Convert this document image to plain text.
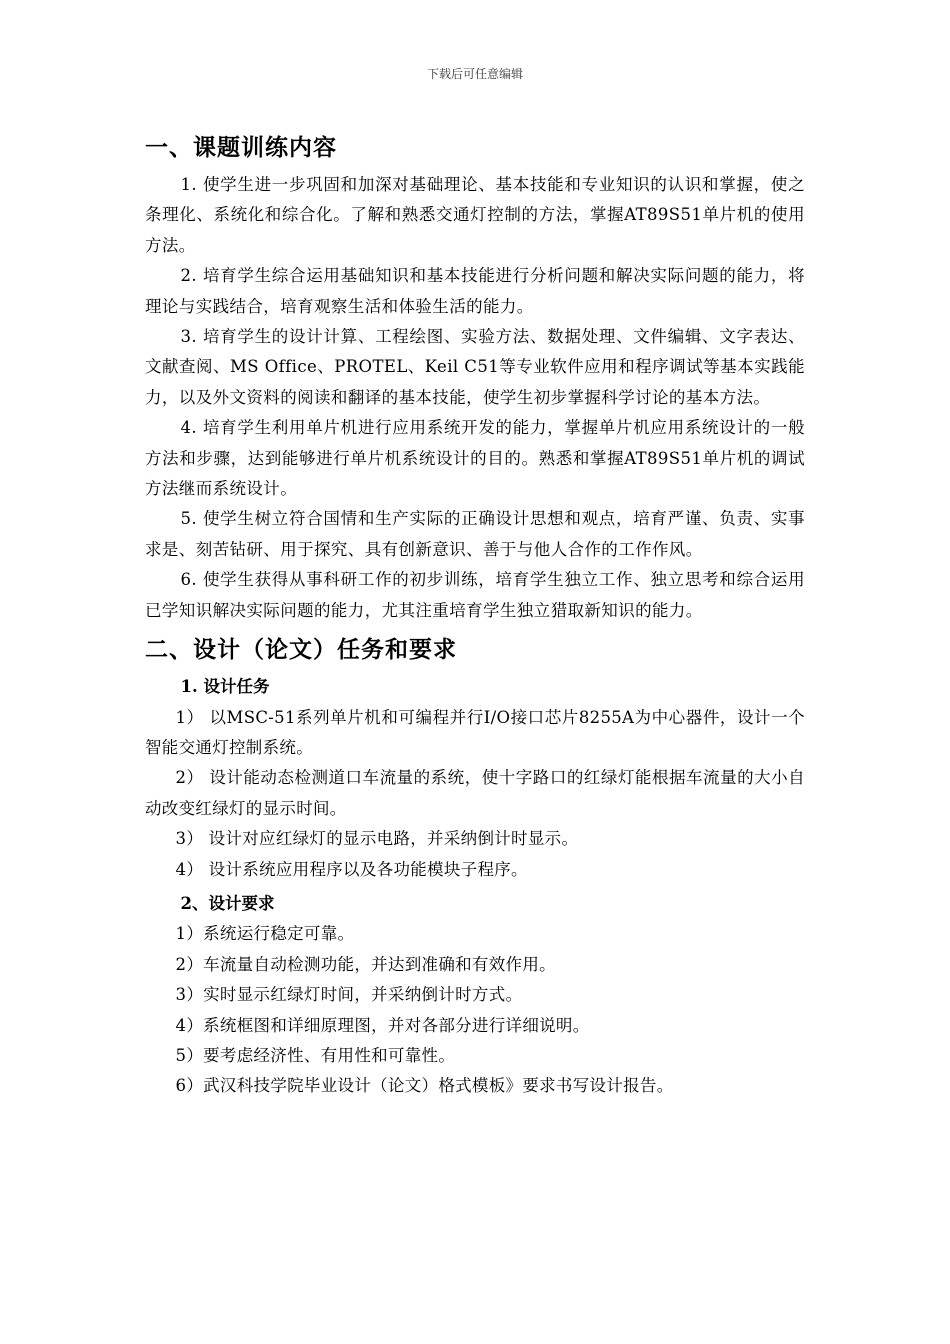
下载后可任意编辑
一、课题训练内容

1. 使学生进一步巩固和加深对基础理论、基本技能和专业知识的认识和掌握，使之条理化、系统化和综合化。了解和熟悉交通灯控制的方法，掌握AT89S51单片机的使用方法。

2. 培育学生综合运用基础知识和基本技能进行分析问题和解决实际问题的能力，将理论与实践结合，培育观察生活和体验生活的能力。

3. 培育学生的设计计算、工程绘图、实验方法、数据处理、文件编辑、文字表达、文献查阅、MS Office、PROTEL、Keil C51等专业软件应用和程序调试等基本实践能力，以及外文资料的阅读和翻译的基本技能，使学生初步掌握科学讨论的基本方法。

4. 培育学生利用单片机进行应用系统开发的能力，掌握单片机应用系统设计的一般方法和步骤，达到能够进行单片机系统设计的目的。熟悉和掌握AT89S51单片机的调试方法继而系统设计。

5. 使学生树立符合国情和生产实际的正确设计思想和观点，培育严谨、负责、实事求是、刻苦钻研、用于探究、具有创新意识、善于与他人合作的工作作风。

6. 使学生获得从事科研工作的初步训练，培育学生独立工作、独立思考和综合运用已学知识解决实际问题的能力，尤其注重培育学生独立猎取新知识的能力。

二、设计（论文）任务和要求

1. 设计任务

1） 以MSC-51系列单片机和可编程并行I/O接口芯片8255A为中心器件，设计一个智能交通灯控制系统。

2） 设计能动态检测道口车流量的系统，使十字路口的红绿灯能根据车流量的大小自动改变红绿灯的显示时间。

3） 设计对应红绿灯的显示电路，并采纳倒计时显示。

4） 设计系统应用程序以及各功能模块子程序。

2、设计要求

1）系统运行稳定可靠。

2）车流量自动检测功能，并达到准确和有效作用。

3）实时显示红绿灯时间，并采纳倒计时方式。

4）系统框图和详细原理图，并对各部分进行详细说明。

5）要考虑经济性、有用性和可靠性。

6）武汉科技学院毕业设计（论文）格式模板》要求书写设计报告。
